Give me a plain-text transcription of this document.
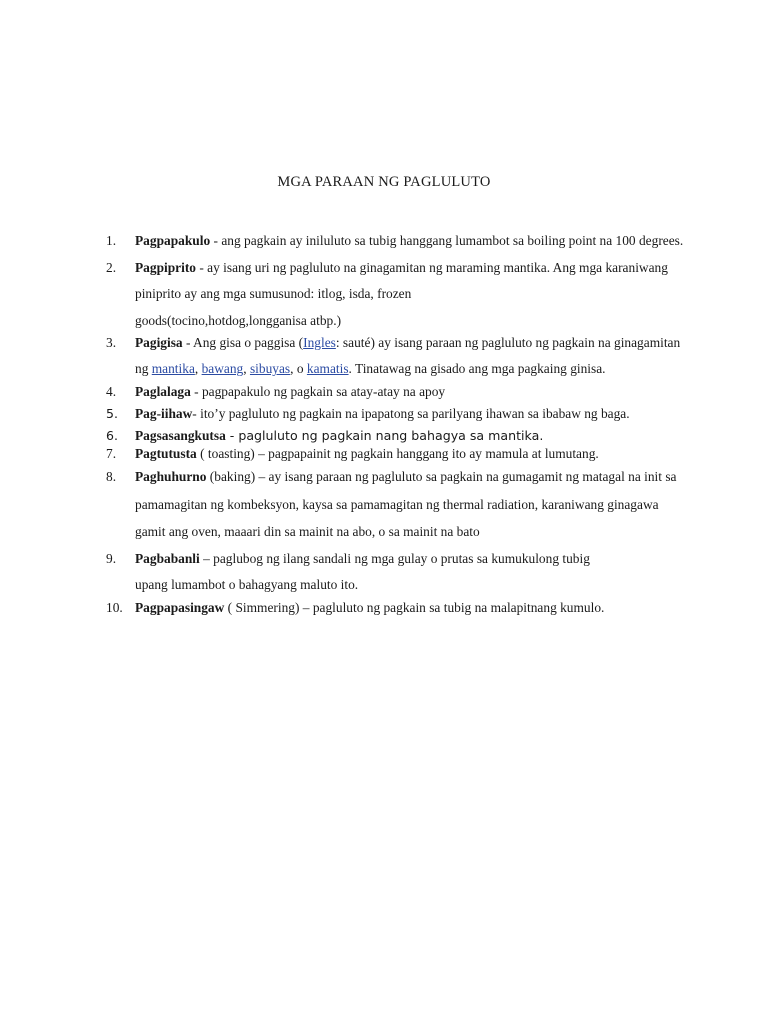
MGA PARAAN NG PAGLULUTO
1.	Pagpapakulo - ang pagkain ay iniluluto sa tubig hanggang lumambot sa boiling point na 100 degrees.
2.	Pagpiprito - ay isang uri ng pagluluto na ginagamitan ng maraming mantika. Ang mga karaniwang piniprito ay ang mga sumusunod: itlog, isda, frozen
goods(tocino,hotdog,longganisa atbp.)
3.	Pagigisa - Ang gisa o paggisa (Ingles: sauté) ay isang paraan ng pagluluto ng pagkain na ginagamitan ng mantika, bawang, sibuyas, o kamatis. Tinatawag na gisado ang mga pagkaing ginisa.
4.	Paglalaga - pagpapakulo ng pagkain sa atay-atay na apoy
5.	Pag-iihaw- ito’y pagluluto ng pagkain na ipapatong sa parilyang ihawan sa ibabaw ng baga.
6.	Pagsasangkutsa - pagluluto ng pagkain nang bahagya sa mantika.
7.	Pagtutusta ( toasting) – pagpapainit ng pagkain hanggang ito ay mamula at lumutang.
8.	Paghuhurno (baking) – ay isang paraan ng pagluluto sa pagkain na gumagamit ng matagal na init sa pamamagitan ng kombeksyon, kaysa sa pamamagitan ng thermal radiation, karaniwang ginagawa gamit ang oven, maaari din sa mainit na abo, o sa mainit na bato
9.	Pagbabanli – paglubog ng ilang sandali ng mga gulay o prutas sa kumukulong tubig
upang lumambot o bahagyang maluto ito.
10. Pagpapasingaw ( Simmering) – pagluluto ng pagkain sa tubig na malapitnang kumulo.
